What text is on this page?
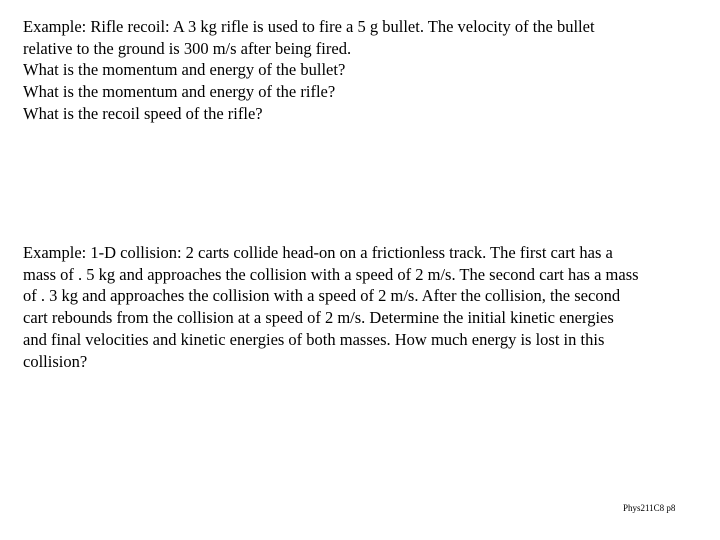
Example: Rifle recoil: A 3 kg rifle is used to fire a 5 g bullet. The velocity of the bullet
relative to the ground is 300 m/s after being fired.
What is the momentum and energy of the bullet?
What is the momentum and energy of the rifle?
What is the recoil speed of the rifle?
Example: 1-D collision: 2 carts collide head-on on a frictionless track. The first cart has a
mass of . 5 kg and approaches the collision with a speed of 2 m/s. The second cart has a mass
of . 3 kg and approaches the collision with a speed of 2 m/s. After the collision, the second
cart rebounds from the collision at a speed of 2 m/s. Determine the initial kinetic energies
and final velocities and kinetic energies of both masses. How much energy is lost in this
collision?
Phys211C8 p8
